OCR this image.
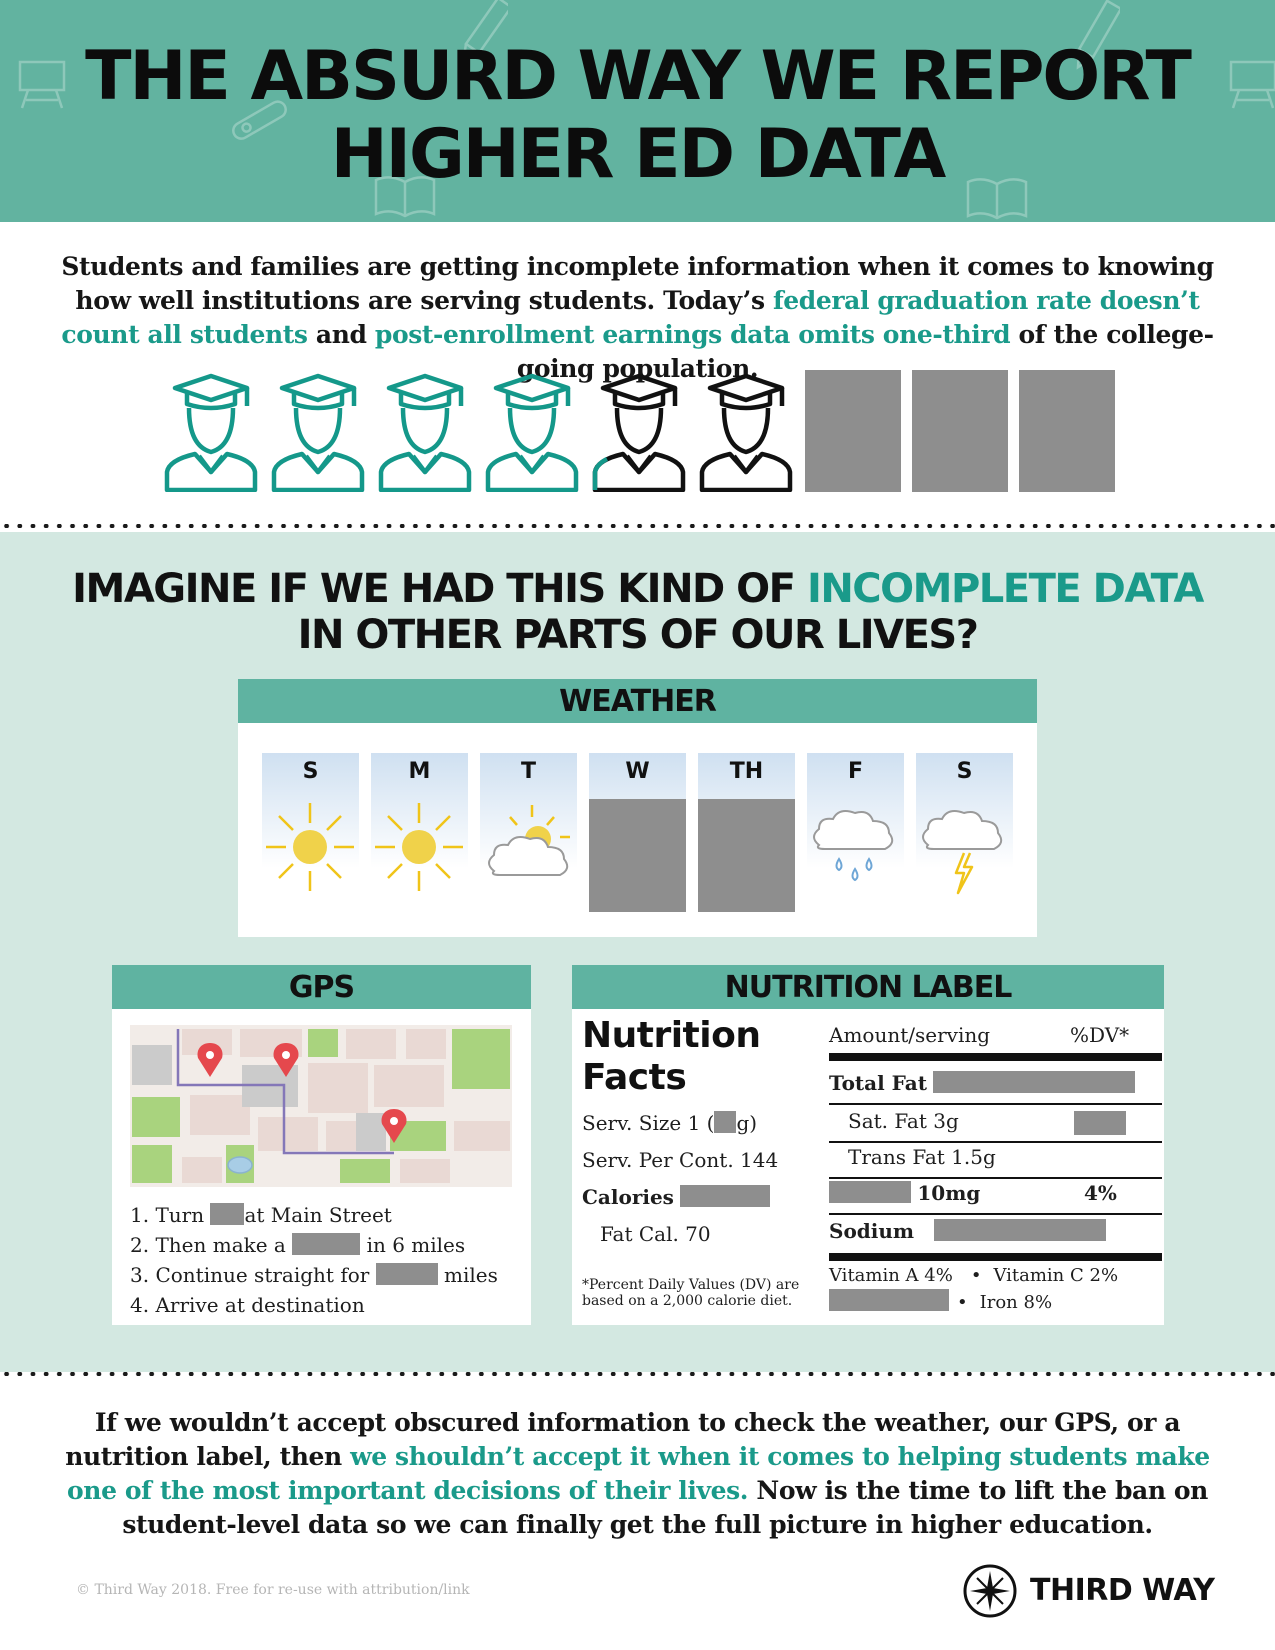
THE ABSURD WAY WE REPORT
HIGHER ED DATA
Students and families are getting incomplete information when it comes to knowing how well institutions are serving students. Today’s federal graduation rate doesn’t count all students and post-enrollment earnings data omits one-third of the college-going population.
IMAGINE IF WE HAD THIS KIND OF INCOMPLETE DATA
IN OTHER PARTS OF OUR LIVES?
WEATHER
S	M	T	W	TH	F	S
GPS
1. Turn at Main Street
2. Then make a	in 6 miles
3. Continue straight for	miles
4. Arrive at destination
NUTRITION LABEL
Nutrition
Facts
Serv. Size 1 ( g)
Serv. Per Cont. 144
Calories
Fat Cal. 70
*Percent Daily Values (DV) are
based on a 2,000 calorie diet.
Amount/serving	%DV*
Total Fat
Sat. Fat 3g
Trans Fat 1.5g
10mg	4%
Sodium
Vitamin A 4% • Vitamin C 2%
• Iron 8%
If we wouldn’t accept obscured information to check the weather, our GPS, or a nutrition label, then we shouldn’t accept it when it comes to helping students make one of the most important decisions of their lives. Now is the time to lift the ban on student-level data so we can finally get the full picture in higher education.
© Third Way 2018. Free for re-use with attribution/link	THIRD WAY
